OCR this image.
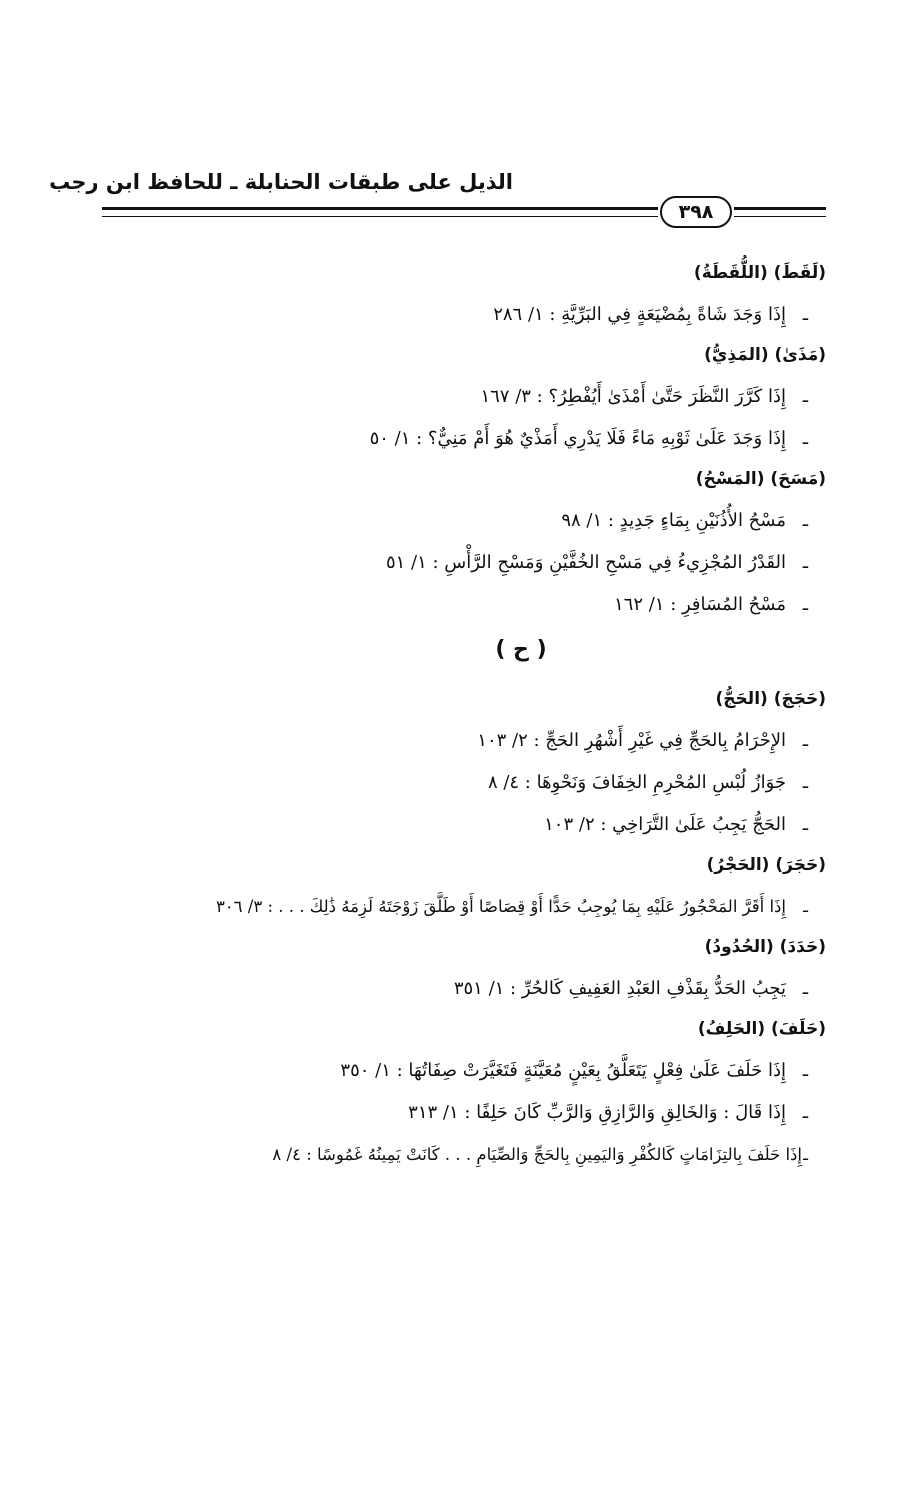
الذيل على طبقات الحنابلة ـ للحافظ ابن رجب
٣٩٨
(لَقَطَ) (اللُّقَطَةُ)
ـإِذَا وَجَدَ شَاةً بِمُضْيَعَةٍ فِي البَرِّيَّةِ : ١/ ٢٨٦
(مَذَىٰ) (المَذِيُّ)
ـإِذَا كَرَّرَ النَّظَرَ حَتَّىٰ أَمْذَىٰ أَيُفْطِرُ؟ : ٣/ ١٦٧
ـإِذَا وَجَدَ عَلَىٰ ثَوْبِهِ مَاءً فَلَا يَدْرِي أَمَذْيٌ هُوَ أَمْ مَنِيٌّ؟ : ١/ ٥٠
(مَسَحَ) (المَسْحُ)
ـمَسْحُ الأُذُنَيْنِ بِمَاءٍ جَدِيدٍ : ١/ ٩٨
ـالقَدْرُ المُجْزِيءُ فِي مَسْحِ الخُفَّيْنِ وَمَسْحِ الرَّأْسِ : ١/ ٥١
ـمَسْحُ المُسَافِرِ : ١/ ١٦٢
( ح )
(حَجَجَ) (الحَجُّ)
ـالإِحْرَامُ بِالحَجِّ فِي غَيْرِ أَشْهُرِ الحَجِّ : ٢/ ١٠٣
ـجَوَازُ لُبْسِ المُحْرِمِ الخِفَافَ وَنَحْوِهَا : ٤/ ٨
ـالحَجُّ يَجِبُ عَلَىٰ التَّرَاخِي : ٢/ ١٠٣
(حَجَرَ) (الحَجْرُ)
ـإِذَا أَقَرَّ المَحْجُورُ عَلَيْهِ بِمَا يُوجِبُ حَدًّا أَوْ قِصَاصًا أَوْ طَلَّقَ زَوْجَتَهُ لَزِمَهُ ذَٰلِكَ . . . : ٣/ ٣٠٦
(حَدَدَ) (الحُدُودُ)
ـيَجِبُ الحَدُّ بِقَذْفِ العَبْدِ العَفِيفِ كَالحُرِّ : ١/ ٣٥١
(حَلَفَ) (الحَلِفُ)
ـإِذَا حَلَفَ عَلَىٰ فِعْلٍ يَتَعَلَّقُ بِعَيْنٍ مُعَيَّنَةٍ فَتَغَيَّرَتْ صِفَاتُهَا : ١/ ٣٥٠
ـإِذَا قَالَ : وَالخَالِقِ وَالرَّازِقِ وَالرَّبِّ كَانَ حَلِفًا : ١/ ٣١٣
ـإِذَا حَلَفَ بِالتِزَامَاتٍ كَالكُفْرِ وَاليَمِينِ بِالحَجِّ وَالصِّيَامِ . . . كَانَتْ يَمِينُهُ غَمُوسًا : ٤/ ٨
